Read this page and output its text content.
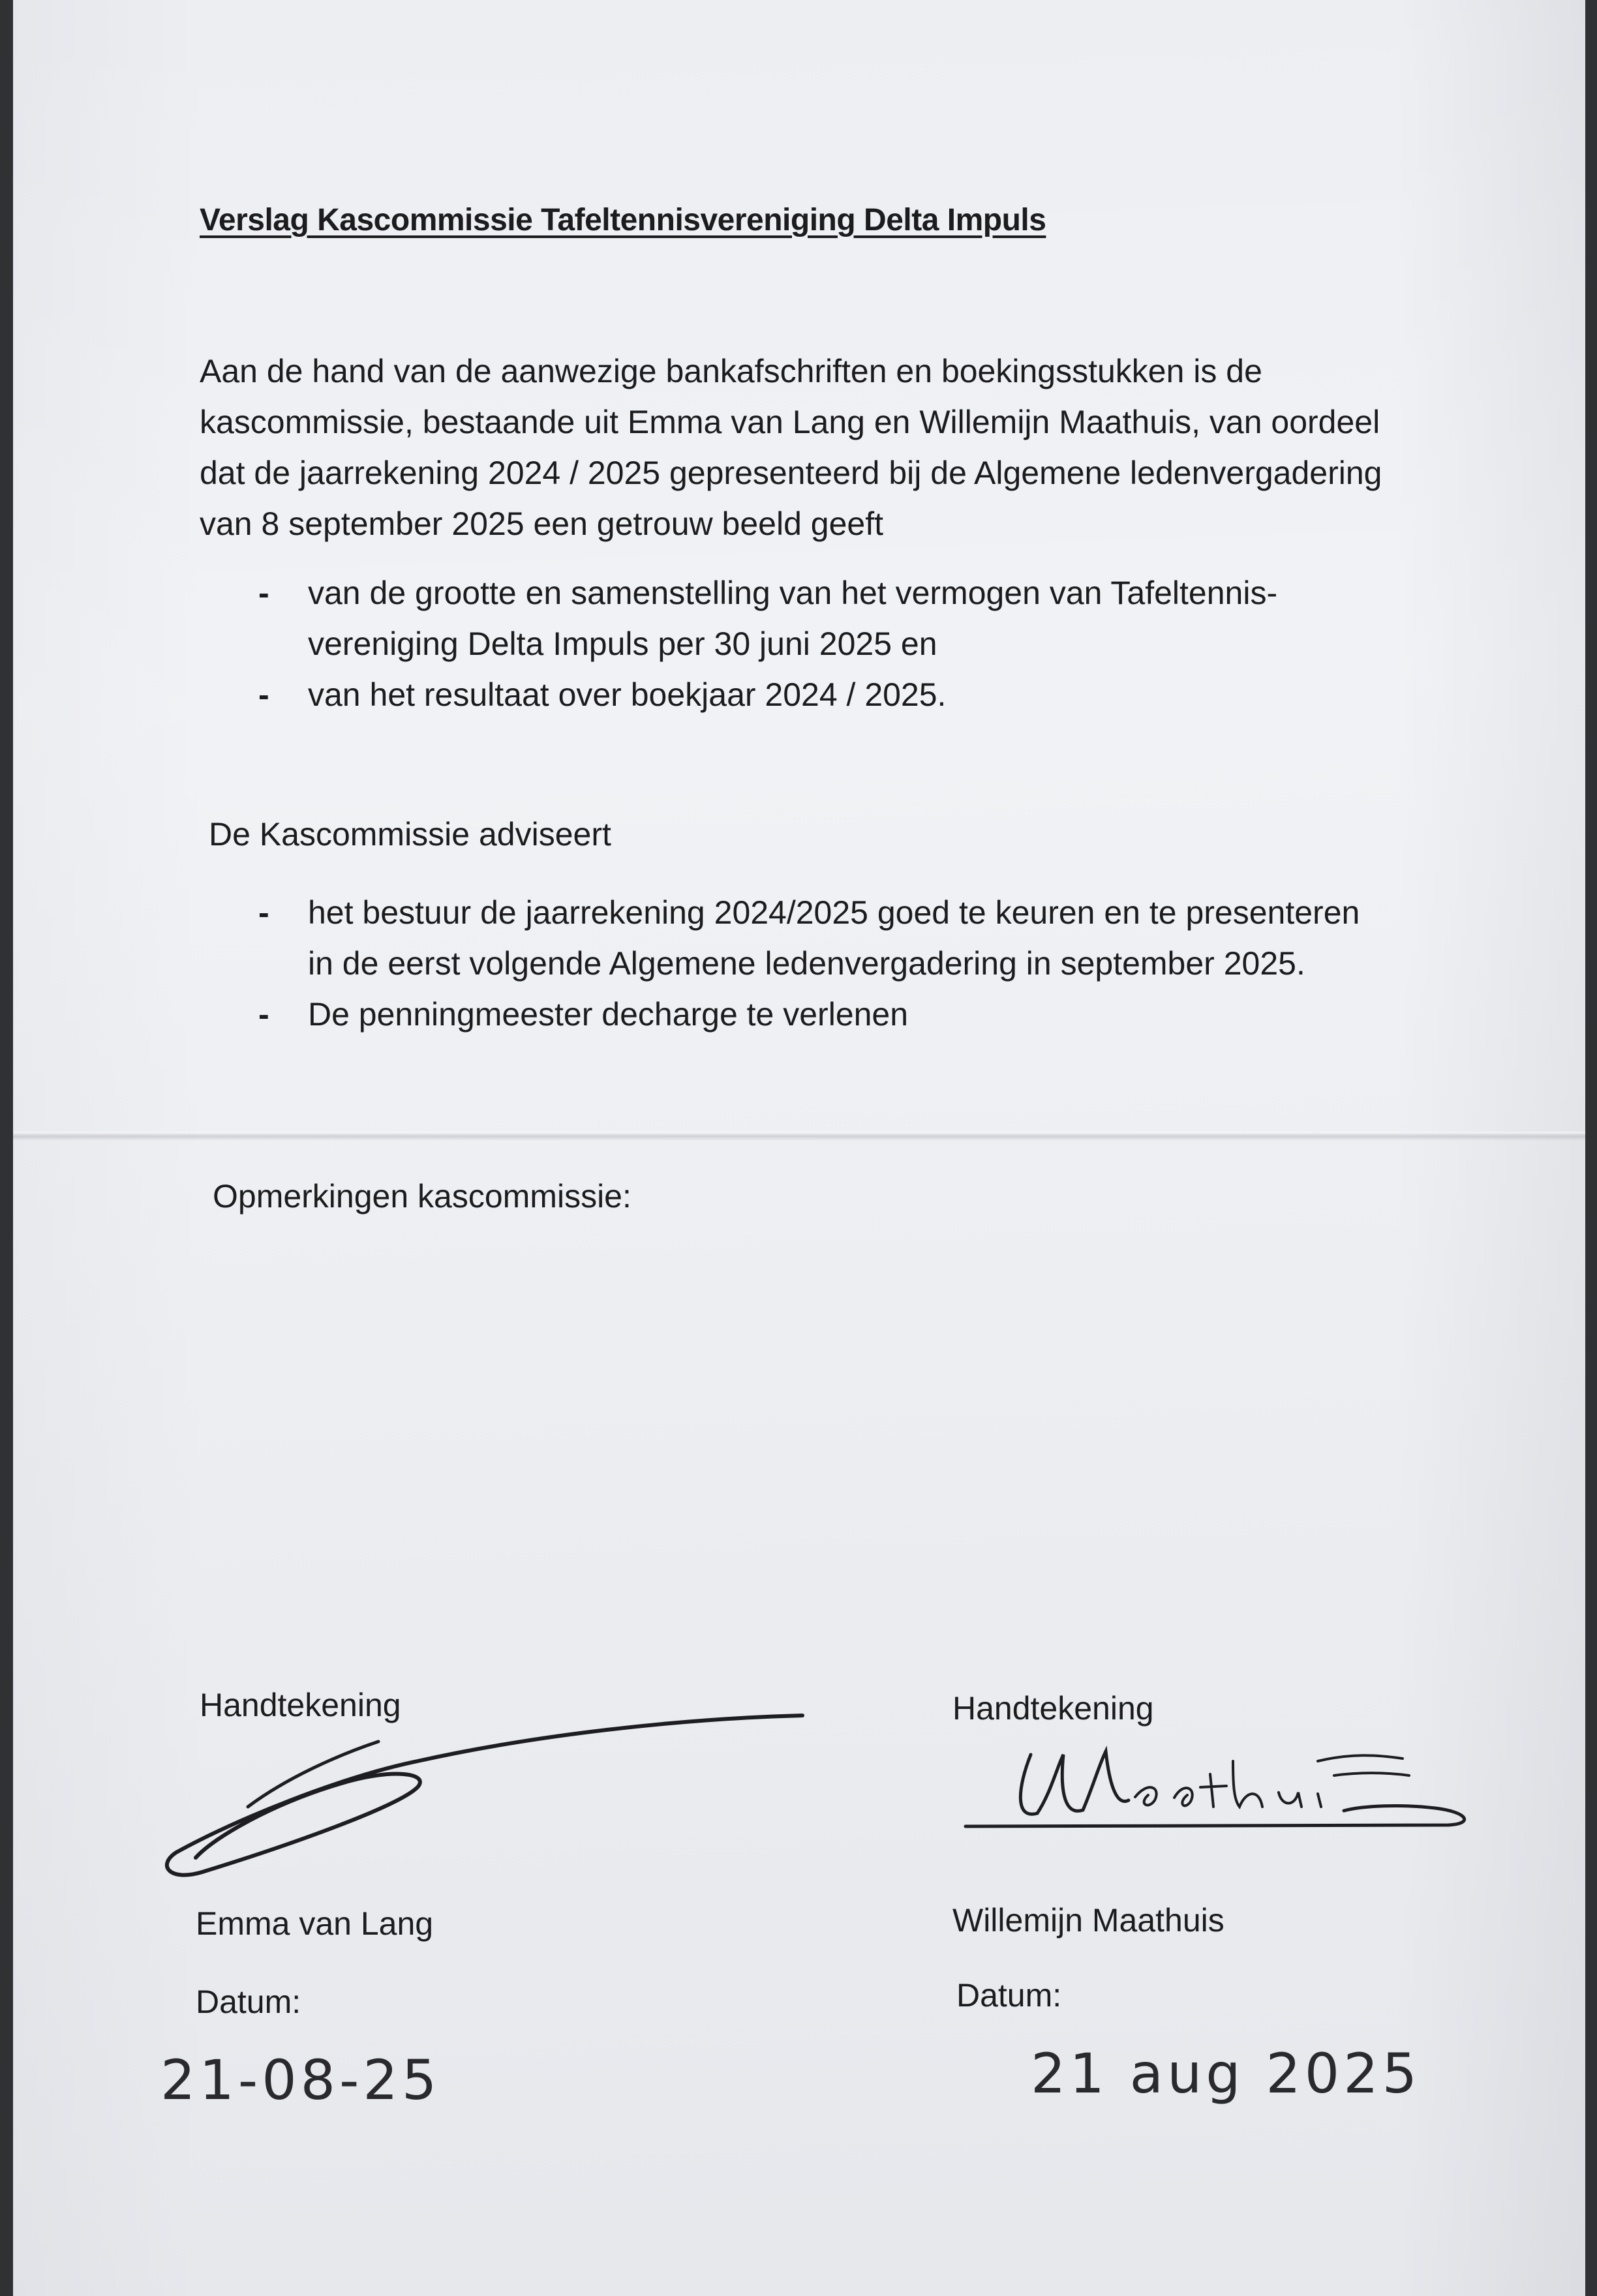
Verslag Kascommissie Tafeltennisvereniging Delta Impuls

Aan de hand van de aanwezige bankafschriften en boekingsstukken is de kascommissie, bestaande uit Emma van Lang en Willemijn Maathuis, van oordeel dat de jaarrekening 2024 / 2025 gepresenteerd bij de Algemene ledenvergadering van 8 september 2025 een getrouw beeld geeft

- van de grootte en samenstelling van het vermogen van Tafeltennis-vereniging Delta Impuls per 30 juni 2025 en
- van het resultaat over boekjaar 2024 / 2025.
De Kascommissie adviseert
- het bestuur de jaarrekening 2024/2025 goed te keuren en te presenteren in de eerst volgende Algemene ledenvergadering in september 2025.
- De penningmeester decharge te verlenen
Opmerkingen kascommissie:
Handtekening
Emma van Lang
Datum:
21-08-25
Handtekening
Willemijn Maathuis
Datum:
21 aug 2025
